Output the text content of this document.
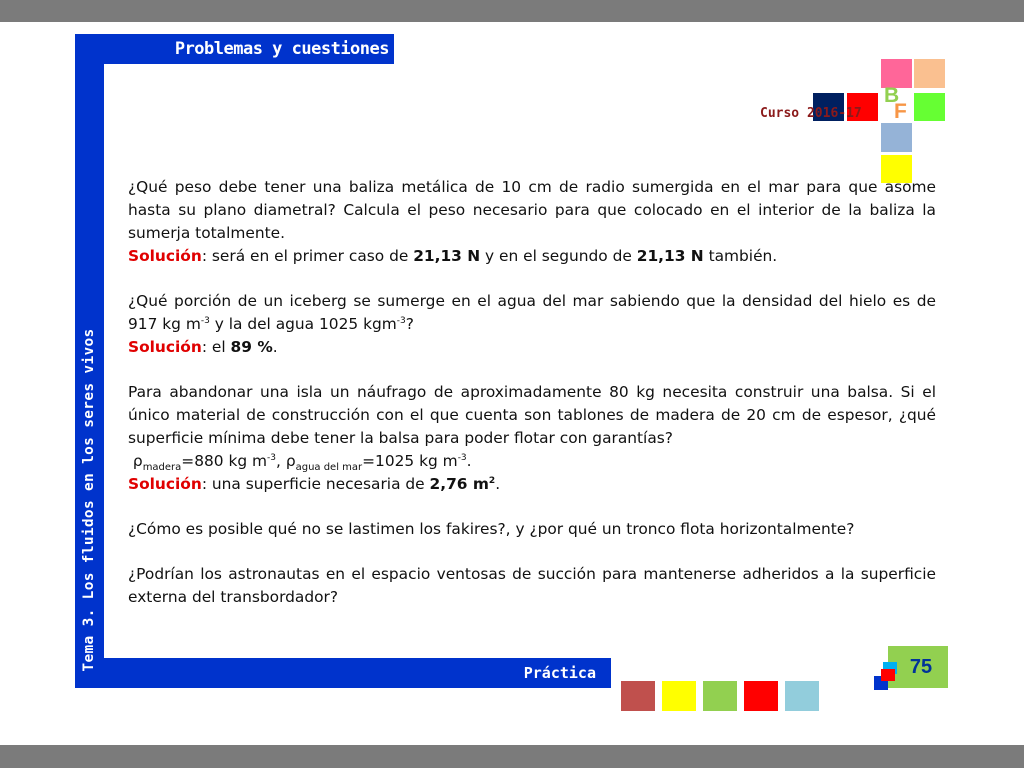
Problemas y cuestiones
Práctica
Tema 3. Los fluidos en los seres vivos
B
F
Curso 2016-17

¿Qué peso debe tener una baliza metálica de 10 cm de radio sumergida en el mar para que asome hasta su plano diametral? Calcula el peso necesario para que colocado en el interior de la baliza la sumerja totalmente.
Solución: será en el primer caso de 21,13 N y en el segundo de 21,13 N también.

¿Qué porción de un iceberg se sumerge en el agua del mar sabiendo que la densidad del hielo es de 917 kg $m^{-3}$ y la del agua 1025 kgm$^{-3}$?
Solución: el 89 %.

Para abandonar una isla un náufrago de aproximadamente 80 kg necesita construir una balsa. Si el único material de construcción con el que cuenta son tablones de madera de 20 cm de espesor, ¿qué superficie mínima debe tener la balsa para poder flotar con garantías?
$\rho_{madera}=880$ kg $m^{-3}$, $\rho_{agua del mar}=1025$ kg $m^{-3}$.
Solución: una superficie necesaria de 2,76 $m^2$.

¿Cómo es posible qué no se lastimen los fakires?, y ¿por qué un tronco flota horizontalmente?

¿Podrían los astronautas en el espacio ventosas de succión para mantenerse adheridos a la superficie externa del transbordador?

75
